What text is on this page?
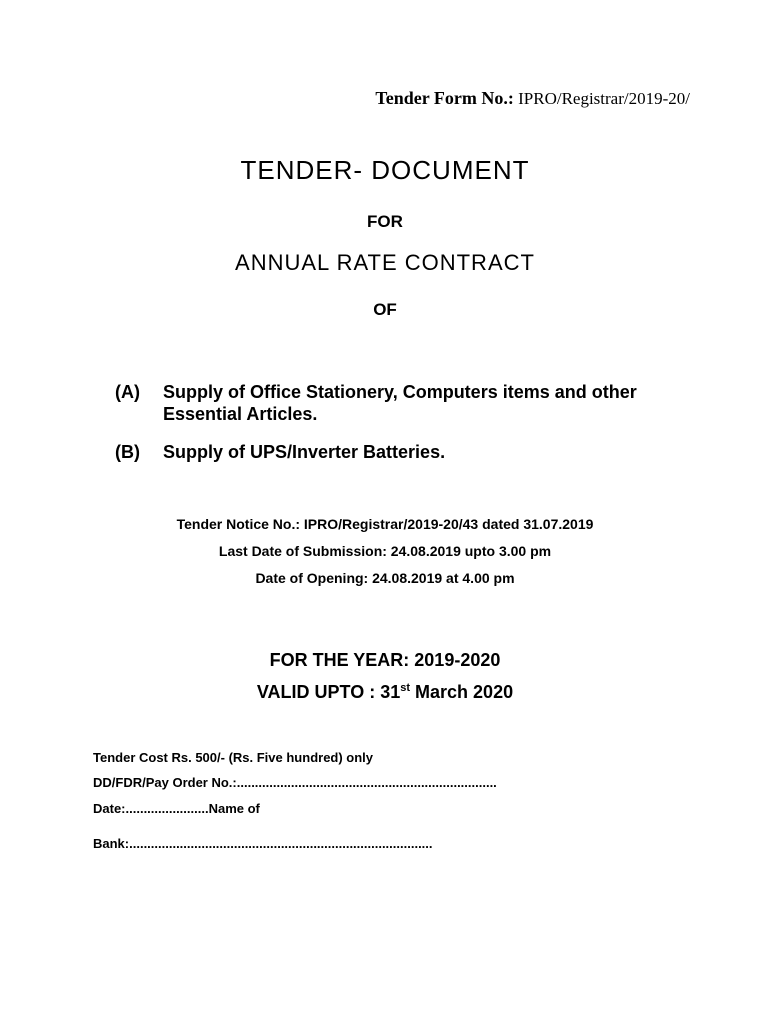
Tender Form No.: IPRO/Registrar/2019-20/
TENDER- DOCUMENT
FOR
ANNUAL RATE CONTRACT
OF
(A) Supply of Office Stationery, Computers items and other Essential Articles.
(B) Supply of UPS/Inverter Batteries.
Tender Notice No.: IPRO/Registrar/2019-20/43 dated 31.07.2019
Last Date of Submission: 24.08.2019 upto 3.00 pm
Date of Opening: 24.08.2019 at 4.00 pm
FOR THE YEAR: 2019-2020
VALID UPTO : 31st March 2020
Tender Cost Rs. 500/- (Rs. Five hundred) only
DD/FDR/Pay Order No.:........................................................................
Date:.......................Name of
Bank:....................................................................................
